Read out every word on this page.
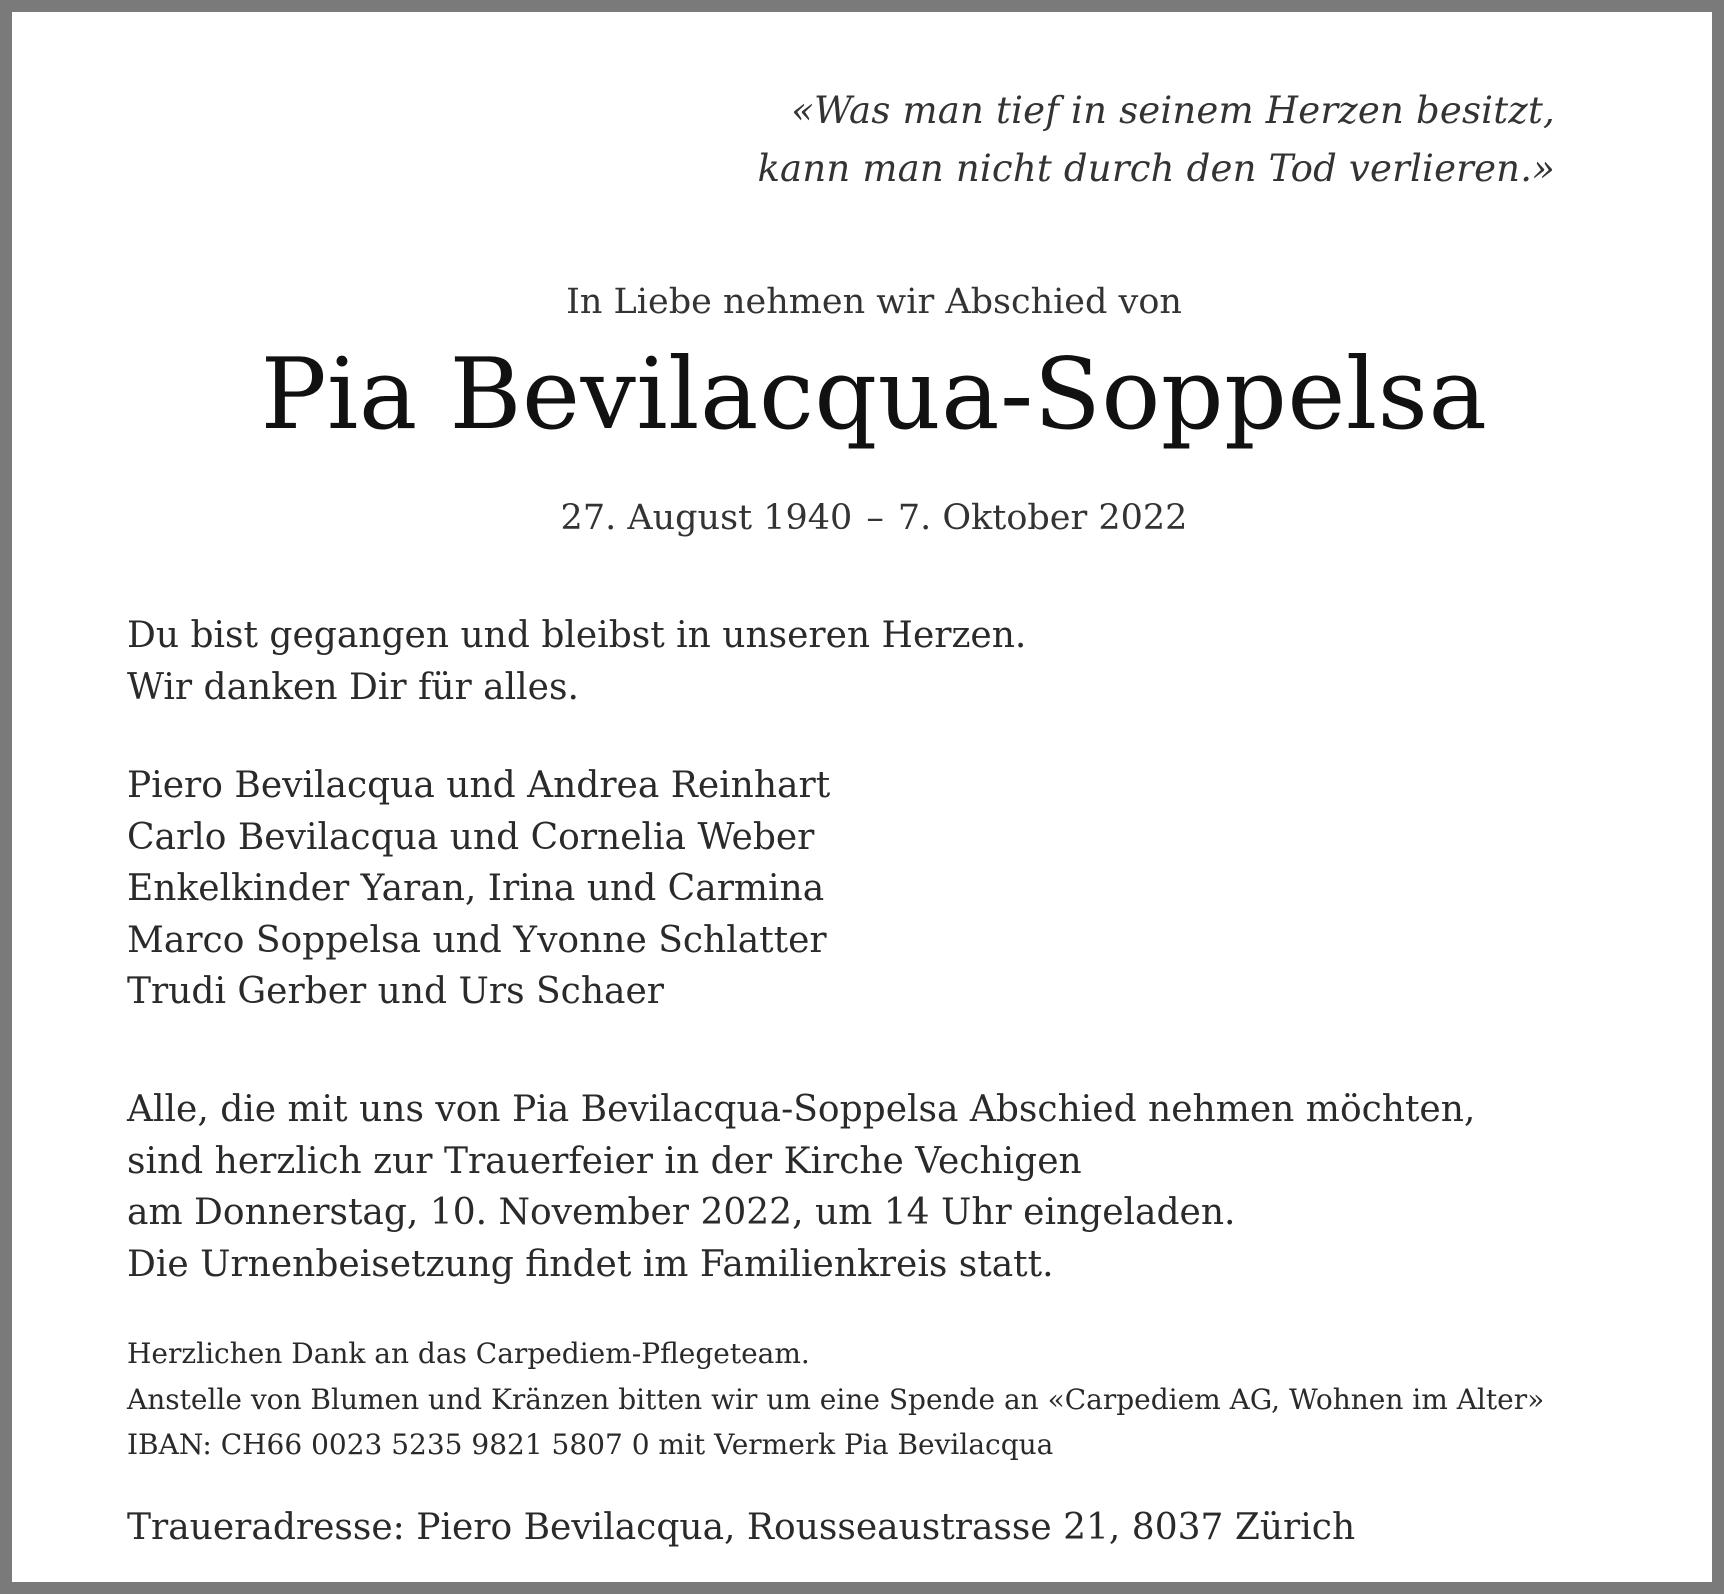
«Was man tief in seinem Herzen besitzt,
kann man nicht durch den Tod verlieren.»
In Liebe nehmen wir Abschied von
Pia Bevilacqua-Soppelsa
27. August 1940 – 7. Oktober 2022
Du bist gegangen und bleibst in unseren Herzen.
Wir danken Dir für alles.
Piero Bevilacqua und Andrea Reinhart
Carlo Bevilacqua und Cornelia Weber
Enkelkinder Yaran, Irina und Carmina
Marco Soppelsa und Yvonne Schlatter
Trudi Gerber und Urs Schaer
Alle, die mit uns von Pia Bevilacqua-Soppelsa Abschied nehmen möchten,
sind herzlich zur Trauerfeier in der Kirche Vechigen
am Donnerstag, 10. November 2022, um 14 Uhr eingeladen.
Die Urnenbeisetzung findet im Familienkreis statt.
Herzlichen Dank an das Carpediem-Pflegeteam.
Anstelle von Blumen und Kränzen bitten wir um eine Spende an «Carpediem AG, Wohnen im Alter»
IBAN: CH66 0023 5235 9821 5807 0 mit Vermerk Pia Bevilacqua
Traueradresse: Piero Bevilacqua, Rousseaustrasse 21, 8037 Zürich
